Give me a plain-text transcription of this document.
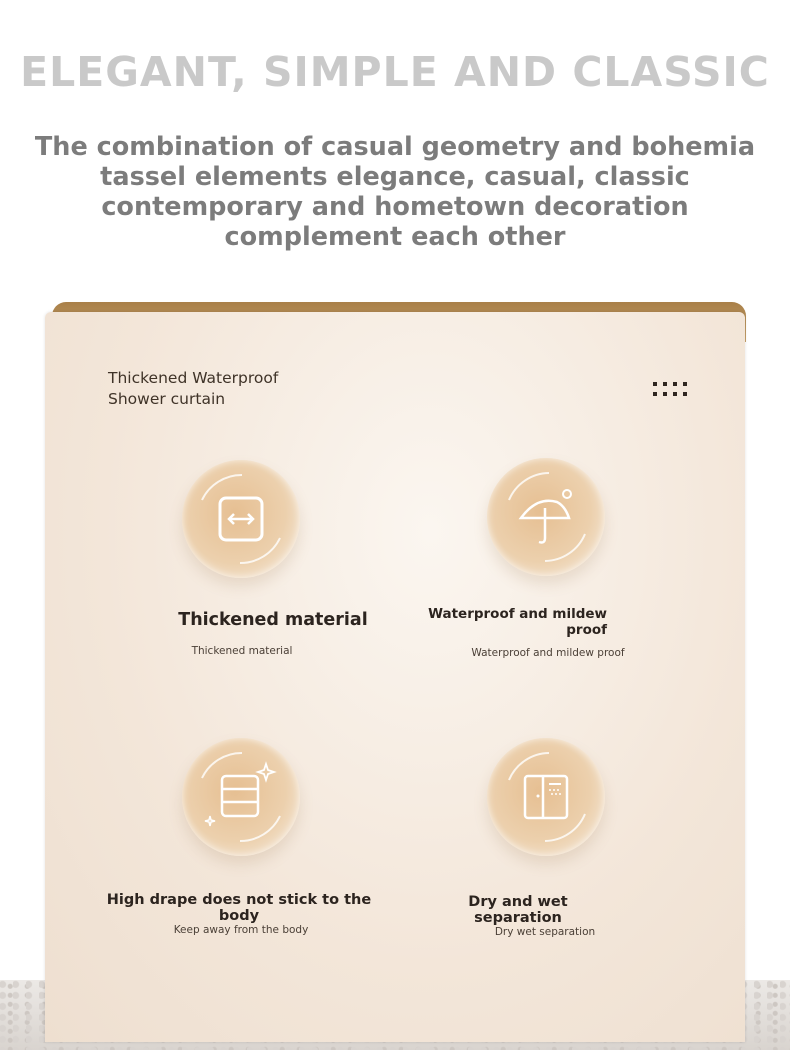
ELEGANT, SIMPLE AND CLASSIC
The combination of casual geometry and bohemia
tassel elements elegance, casual, classic
contemporary and hometown decoration
complement each other
Thickened Waterproof
Shower curtain
Thickened material
Thickened material
Waterproof and mildew
proof
Waterproof and mildew proof
High drape does not stick to the body
Keep away from the body
Dry and wet separation
Dry wet separation
